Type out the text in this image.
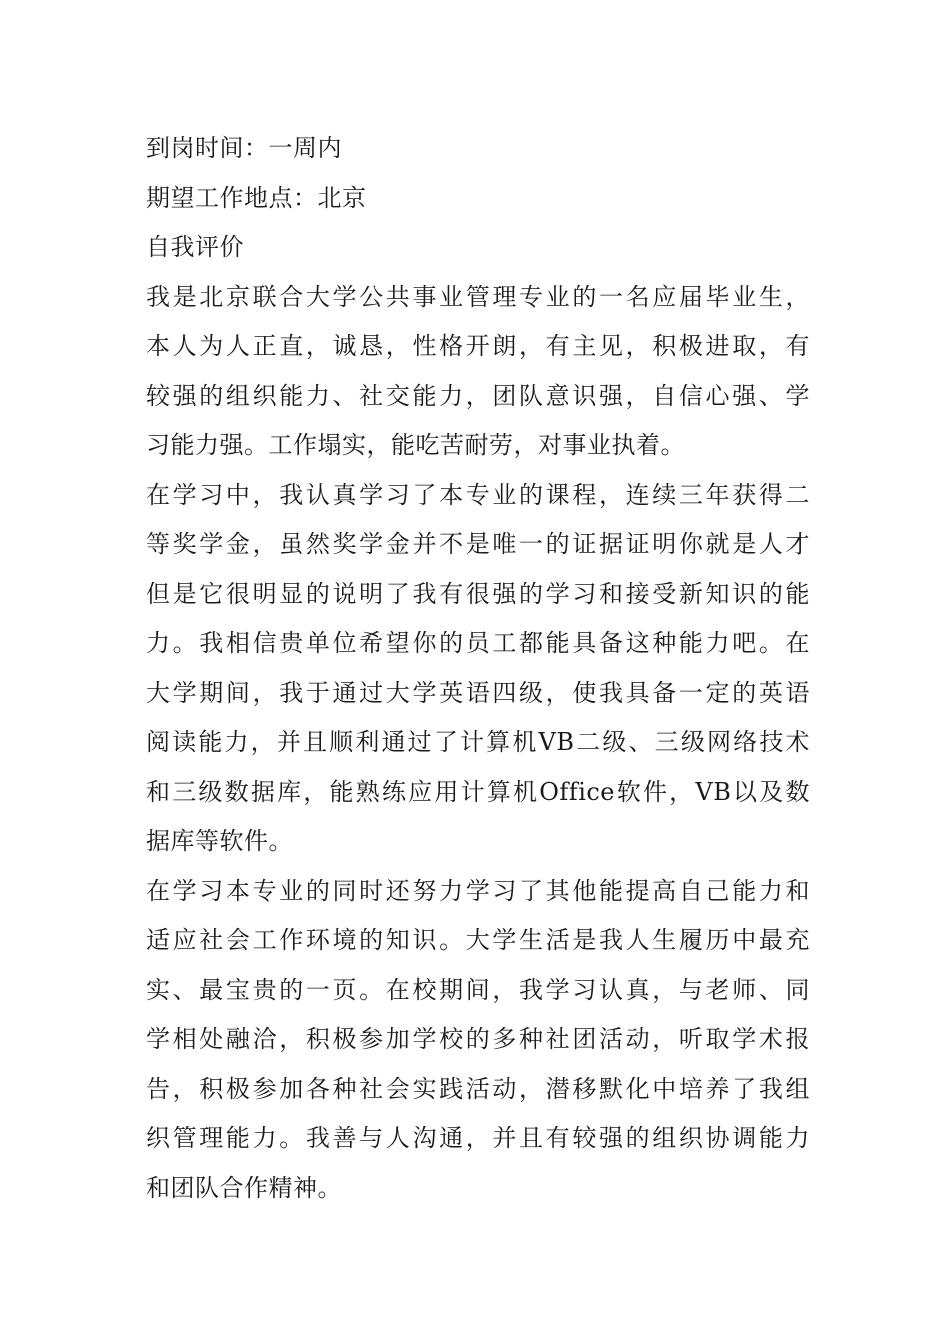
到岗时间：一周内
期望工作地点：北京
自我评价
我是北京联合大学公共事业管理专业的一名应届毕业生，
本人为人正直，诚恳，性格开朗，有主见，积极进取，有
较强的组织能力、社交能力，团队意识强，自信心强、学
习能力强。工作塌实，能吃苦耐劳，对事业执着。
在学习中，我认真学习了本专业的课程，连续三年获得二
等奖学金，虽然奖学金并不是唯一的证据证明你就是人才
但是它很明显的说明了我有很强的学习和接受新知识的能
力。我相信贵单位希望你的员工都能具备这种能力吧。在
大学期间，我于通过大学英语四级，使我具备一定的英语
阅读能力，并且顺利通过了计算机VB二级、三级网络技术
和三级数据库，能熟练应用计算机Office软件，VB以及数
据库等软件。
在学习本专业的同时还努力学习了其他能提高自己能力和
适应社会工作环境的知识。大学生活是我人生履历中最充
实、最宝贵的一页。在校期间，我学习认真，与老师、同
学相处融洽，积极参加学校的多种社团活动，听取学术报
告，积极参加各种社会实践活动，潜移默化中培养了我组
织管理能力。我善与人沟通，并且有较强的组织协调能力
和团队合作精神。
